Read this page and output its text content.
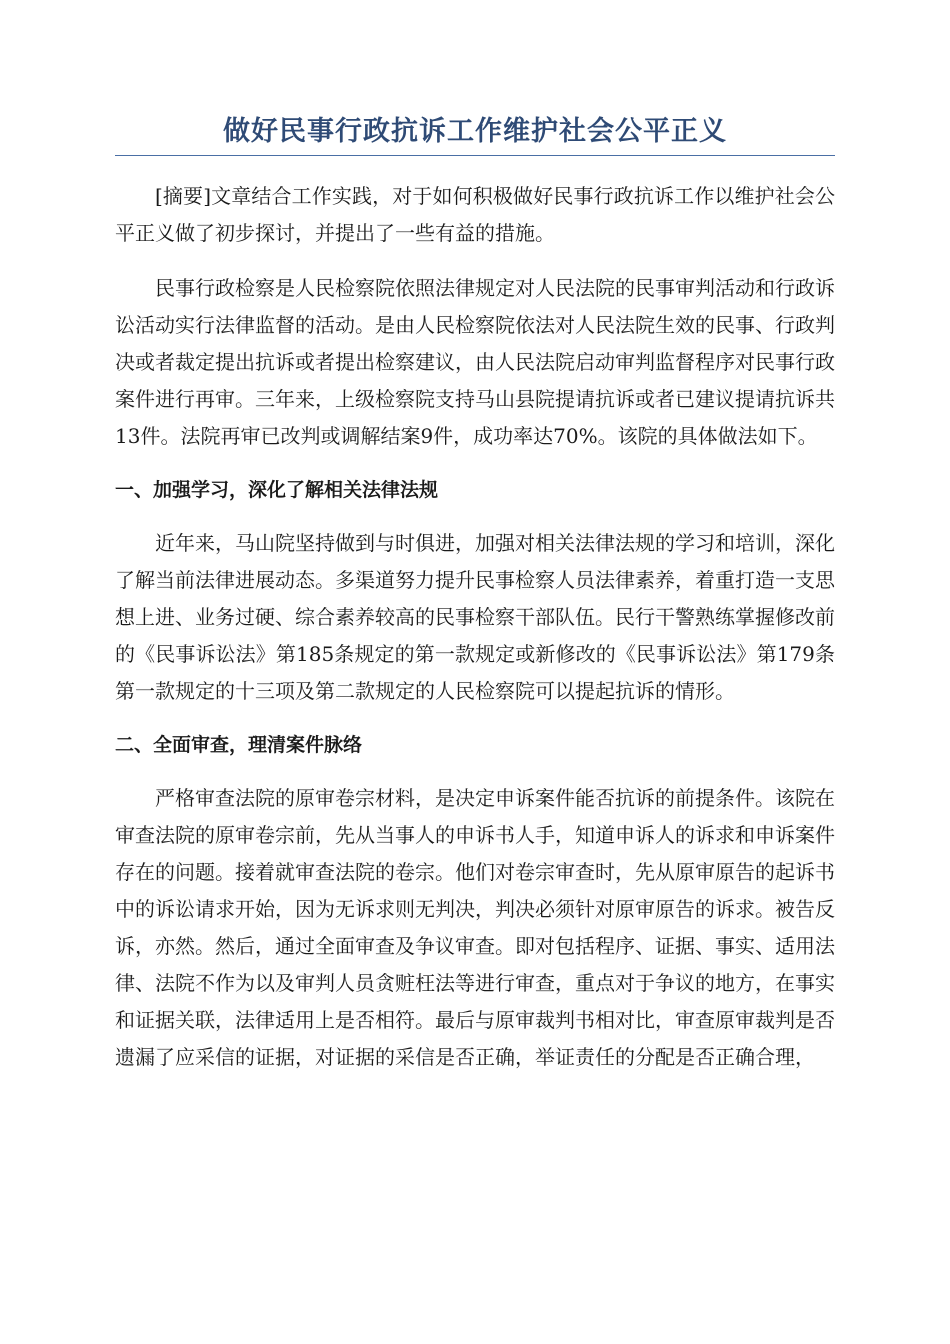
做好民事行政抗诉工作维护社会公平正义

[摘要]文章结合工作实践，对于如何积极做好民事行政抗诉工作以维护社会公平正义做了初步探讨，并提出了一些有益的措施。

民事行政检察是人民检察院依照法律规定对人民法院的民事审判活动和行政诉讼活动实行法律监督的活动。是由人民检察院依法对人民法院生效的民事、行政判决或者裁定提出抗诉或者提出检察建议，由人民法院启动审判监督程序对民事行政案件进行再审。三年来，上级检察院支持马山县院提请抗诉或者已建议提请抗诉共13件。法院再审已改判或调解结案9件，成功率达70%。该院的具体做法如下。

一、加强学习，深化了解相关法律法规

近年来，马山院坚持做到与时俱进，加强对相关法律法规的学习和培训，深化了解当前法律进展动态。多渠道努力提升民事检察人员法律素养，着重打造一支思想上进、业务过硬、综合素养较高的民事检察干部队伍。民行干警熟练掌握修改前的《民事诉讼法》第185条规定的第一款规定或新修改的《民事诉讼法》第179条第一款规定的十三项及第二款规定的人民检察院可以提起抗诉的情形。

二、全面审查，理清案件脉络

严格审查法院的原审卷宗材料，是决定申诉案件能否抗诉的前提条件。该院在审查法院的原审卷宗前，先从当事人的申诉书人手，知道申诉人的诉求和申诉案件存在的问题。接着就审查法院的卷宗。他们对卷宗审查时，先从原审原告的起诉书中的诉讼请求开始，因为无诉求则无判决，判决必须针对原审原告的诉求。被告反诉，亦然。然后，通过全面审查及争议审查。即对包括程序、证据、事实、适用法律、法院不作为以及审判人员贪赃枉法等进行审查，重点对于争议的地方，在事实和证据关联，法律适用上是否相符。最后与原审裁判书相对比，审查原审裁判是否遗漏了应采信的证据，对证据的采信是否正确，举证责任的分配是否正确合理，
